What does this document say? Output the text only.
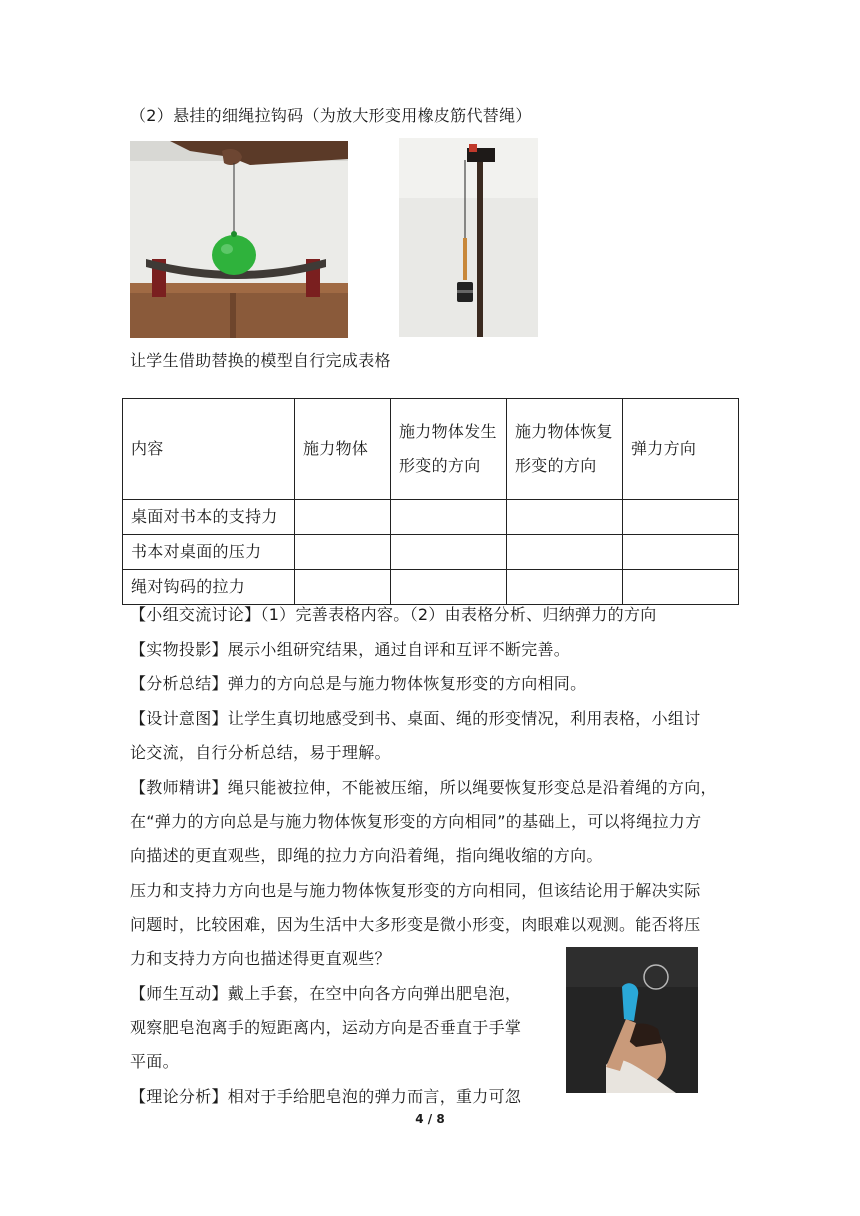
（2）悬挂的细绳拉钩码（为放大形变用橡皮筋代替绳）
让学生借助替换的模型自行完成表格
内容	施力物体	施力物体发生形变的方向	施力物体恢复形变的方向	弹力方向
桌面对书本的支持力				
书本对桌面的压力				
绳对钩码的拉力				
【小组交流讨论】（1）完善表格内容。（2）由表格分析、归纳弹力的方向
【实物投影】展示小组研究结果，通过自评和互评不断完善。
【分析总结】弹力的方向总是与施力物体恢复形变的方向相同。
【设计意图】让学生真切地感受到书、桌面、绳的形变情况，利用表格，小组讨
论交流，自行分析总结，易于理解。
【教师精讲】绳只能被拉伸，不能被压缩，所以绳要恢复形变总是沿着绳的方向，
在“弹力的方向总是与施力物体恢复形变的方向相同”的基础上，可以将绳拉力方
向描述的更直观些，即绳的拉力方向沿着绳，指向绳收缩的方向。
压力和支持力方向也是与施力物体恢复形变的方向相同，但该结论用于解决实际
问题时，比较困难，因为生活中大多形变是微小形变，肉眼难以观测。能否将压
力和支持力方向也描述得更直观些？
【师生互动】戴上手套，在空中向各方向弹出肥皂泡，
观察肥皂泡离手的短距离内，运动方向是否垂直于手掌
平面。
【理论分析】相对于手给肥皂泡的弹力而言，重力可忽
4 / 8
